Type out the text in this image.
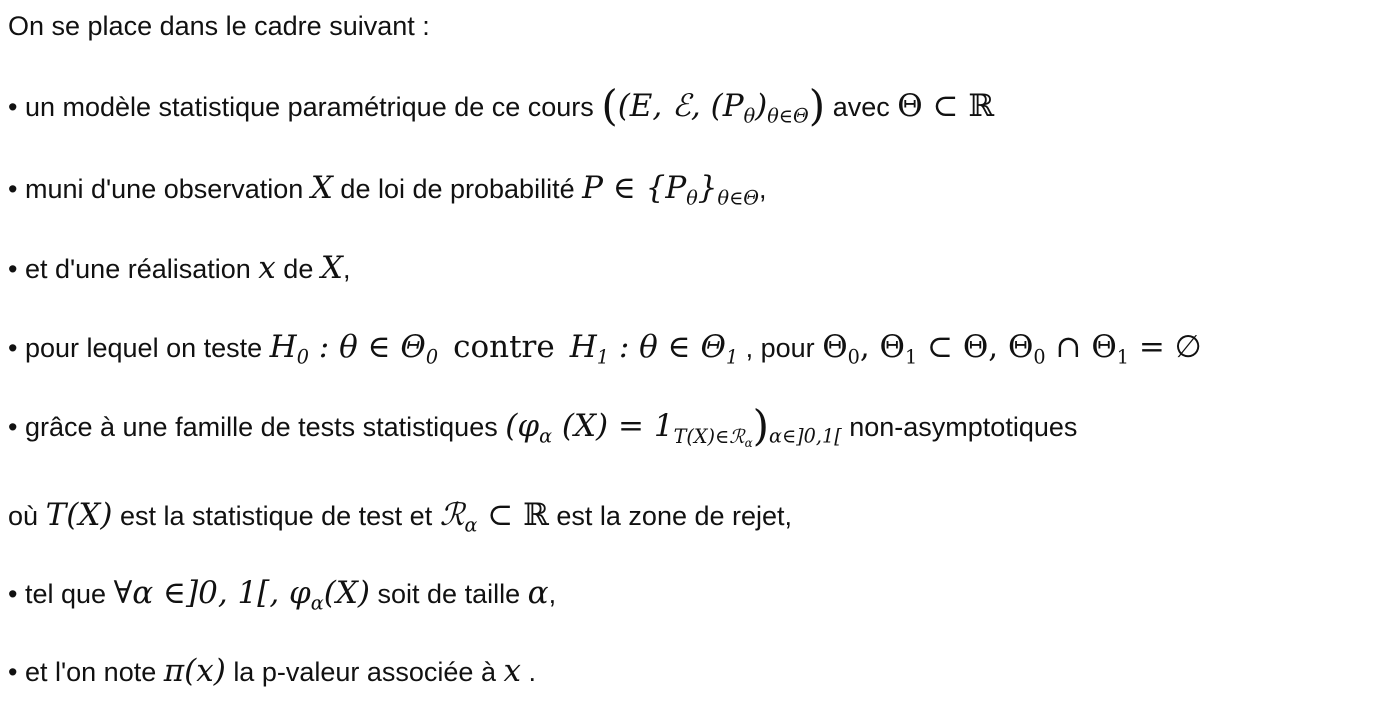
On se place dans le cadre suivant :
• un modèle statistique paramétrique de ce cours ((E, ℰ, $(P_\theta)_{\theta\in\Theta}$) avec Θ ⊂ ℝ
• muni d'une observation X de loi de probabilité P ∈ $\{P_\theta\}_{\theta\in\Theta}$,
• et d'une réalisation x de X,
• pour lequel on teste $H_0$ : θ ∈ $\Theta_0$ contre $H_1$ : θ ∈ $\Theta_1$ , pour $\Theta_0$, $\Theta_1$ ⊂ Θ, $\Theta_0$ ∩ $\Theta_1$ = ∅
• grâce à une famille de tests statistiques ($\varphi_\alpha$ $(X) = 1_{T(X)\in ℛ_\alpha})_{\alpha\in]0,1[}$ non-asymptotiques
où T(X) est la statistique de test et ℛ$_\alpha$ ⊂ ℝ est la zone de rejet,
• tel que ∀α ∈]0, 1[, $\varphi_\alpha(X)$ soit de taille α,
• et l'on note π(x) la p-valeur associée à x .
